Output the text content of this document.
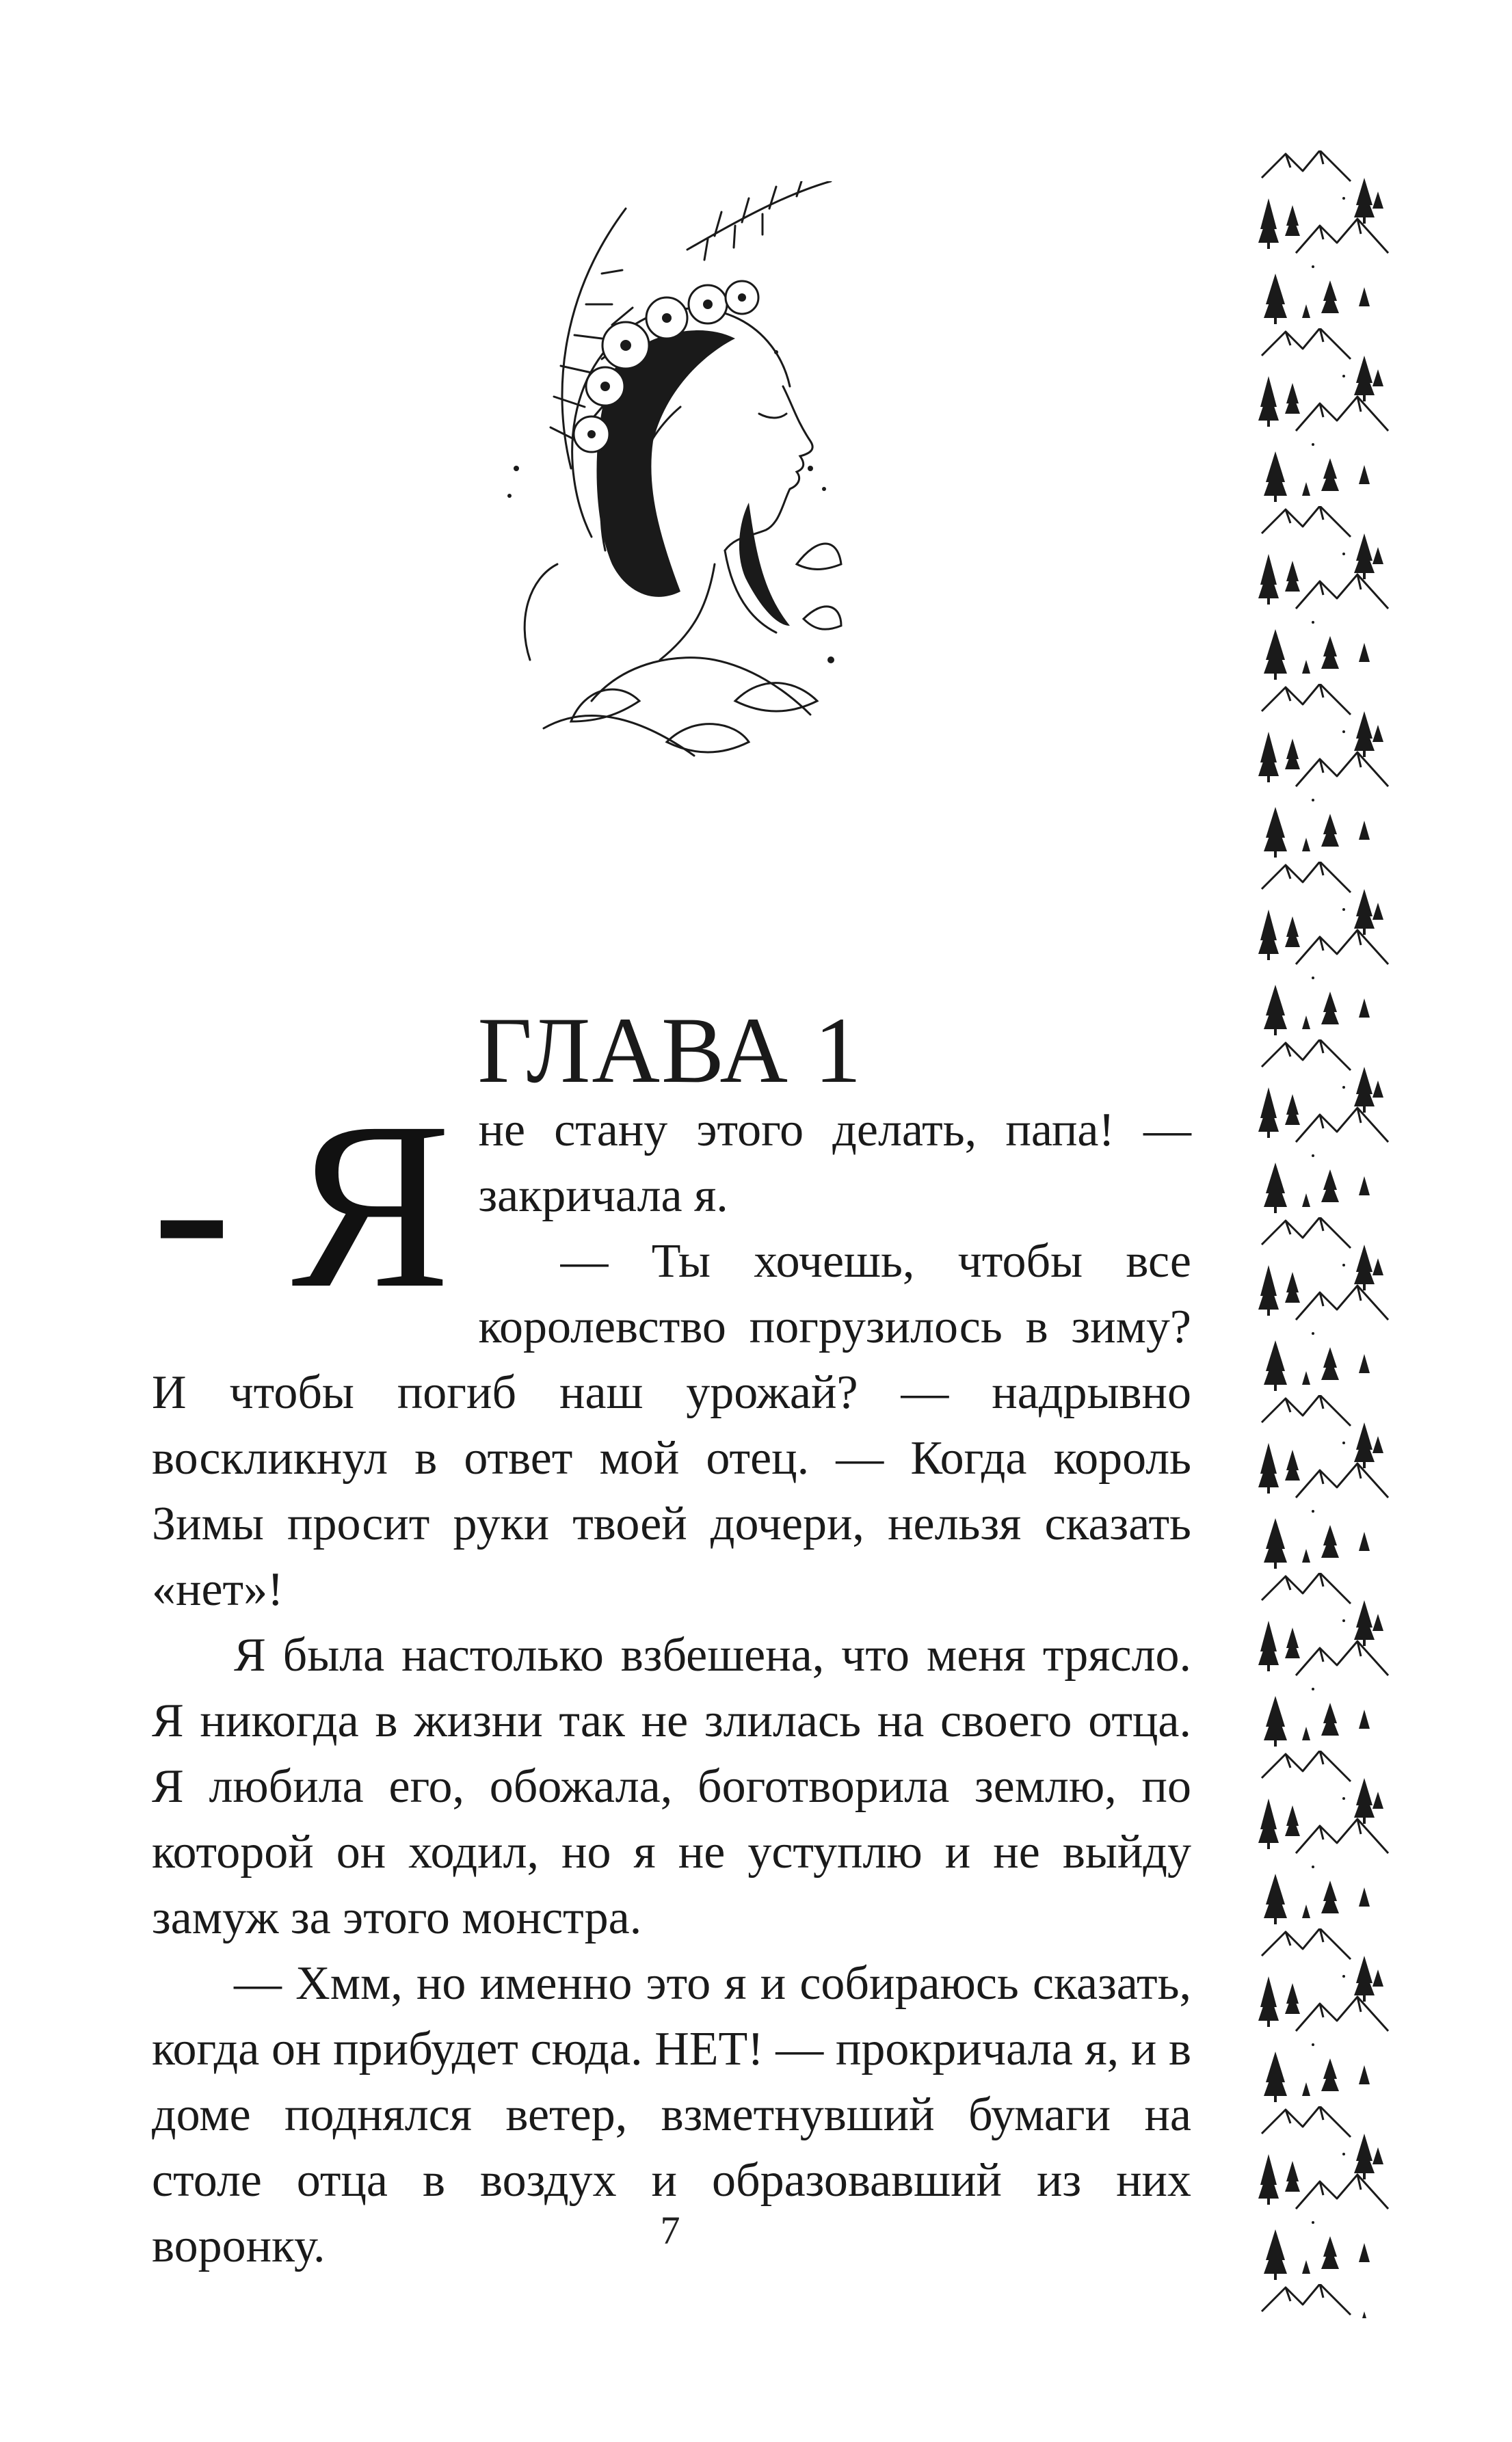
ГЛАВА 1
- Я не стану этого делать, папа! — закричала я.

— Ты хочешь, чтобы все королевство погрузилось в зиму? И чтобы погиб наш урожай? — надрывно воскликнул в ответ мой отец. — Когда король Зимы просит руки твоей дочери, нельзя сказать «нет»!

Я была настолько взбешена, что меня трясло. Я никогда в жизни так не злилась на своего отца. Я любила его, обожала, боготворила землю, по которой он ходил, но я не уступлю и не выйду замуж за этого монстра.

— Хмм, но именно это я и собираюсь сказать, когда он прибудет сюда. НЕТ! — прокричала я, и в доме поднялся ветер, взметнувший бумаги на столе отца в воздух и образовавший из них воронку.	7
